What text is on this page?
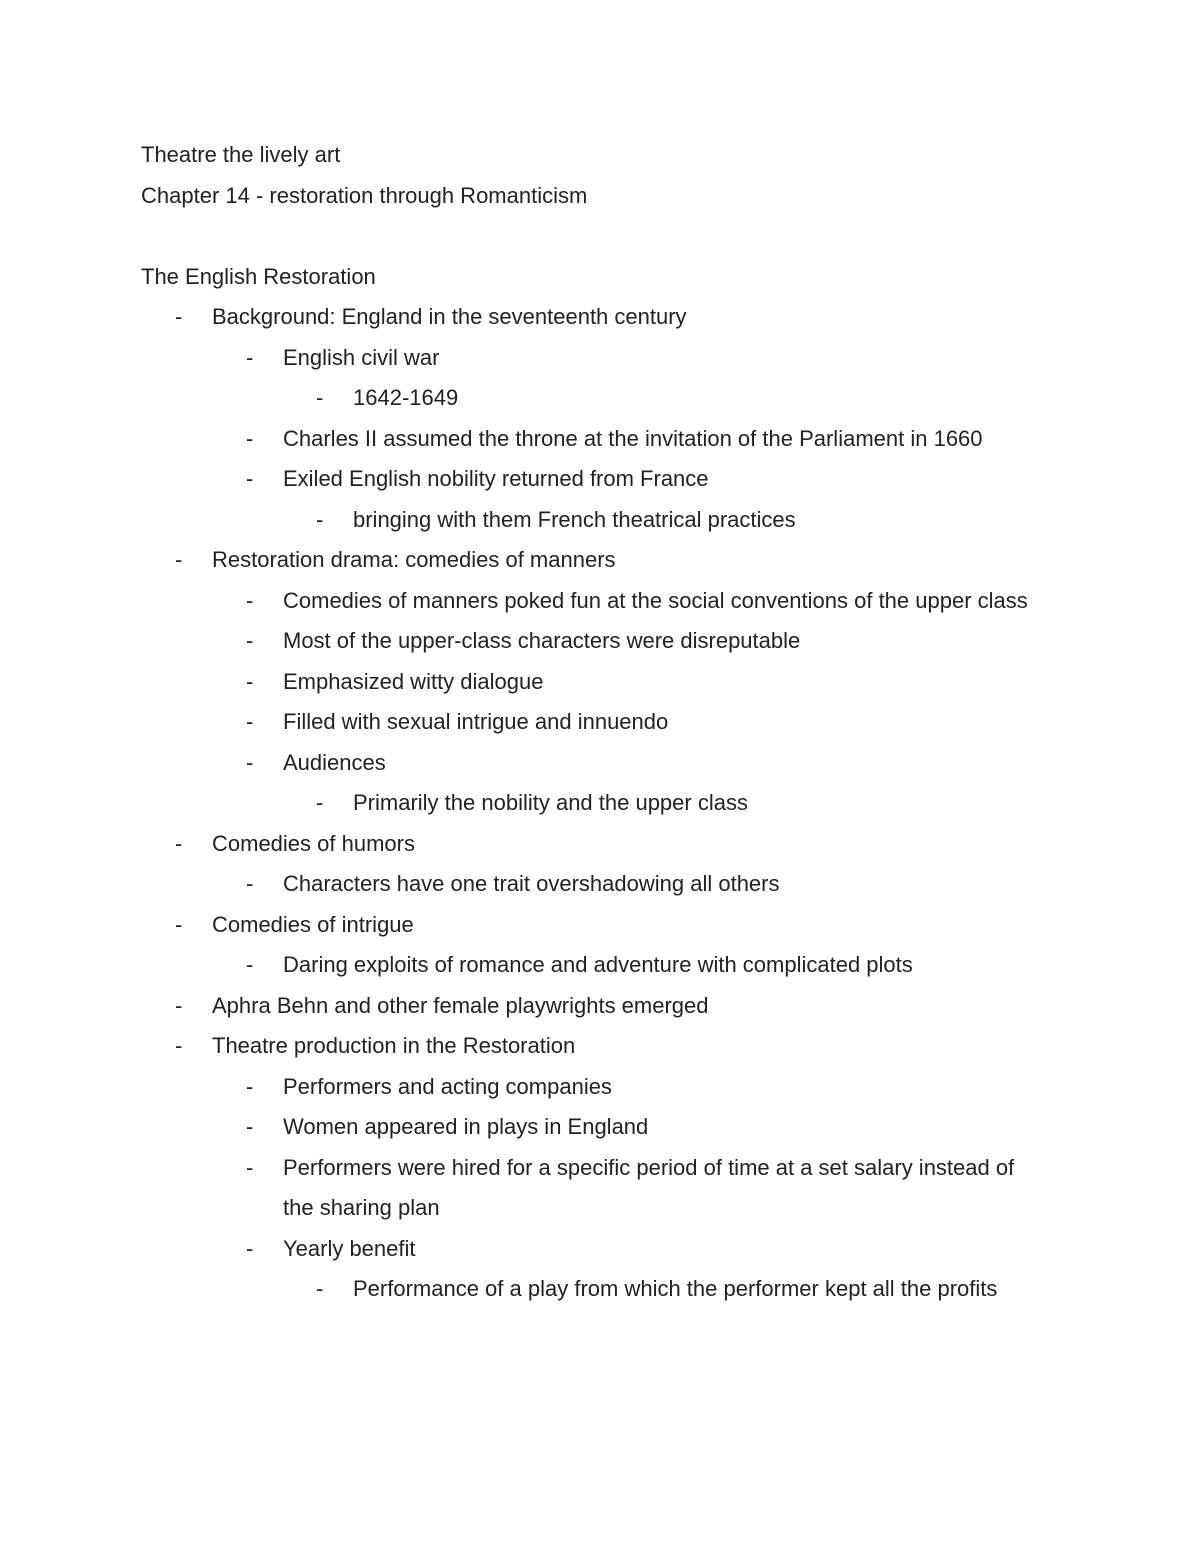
Theatre the lively art

Chapter 14 - restoration through Romanticism

The English Restoration

-	Background: England in the seventeenth century
-	English civil war
-	1642-1649
-	Charles II assumed the throne at the invitation of the Parliament in 1660
-	Exiled English nobility returned from France
-	bringing with them French theatrical practices
-	Restoration drama: comedies of manners
-	Comedies of manners poked fun at the social conventions of the upper class
-	Most of the upper-class characters were disreputable
-	Emphasized witty dialogue
-	Filled with sexual intrigue and innuendo
-	Audiences
-	Primarily the nobility and the upper class
-	Comedies of humors
-	Characters have one trait overshadowing all others
-	Comedies of intrigue
-	Daring exploits of romance and adventure with complicated plots
-	Aphra Behn and other female playwrights emerged
-	Theatre production in the Restoration
-	Performers and acting companies
-	Women appeared in plays in England
-	Performers were hired for a specific period of time at a set salary instead of the sharing plan
-	Yearly benefit
-	Performance of a play from which the performer kept all the profits
